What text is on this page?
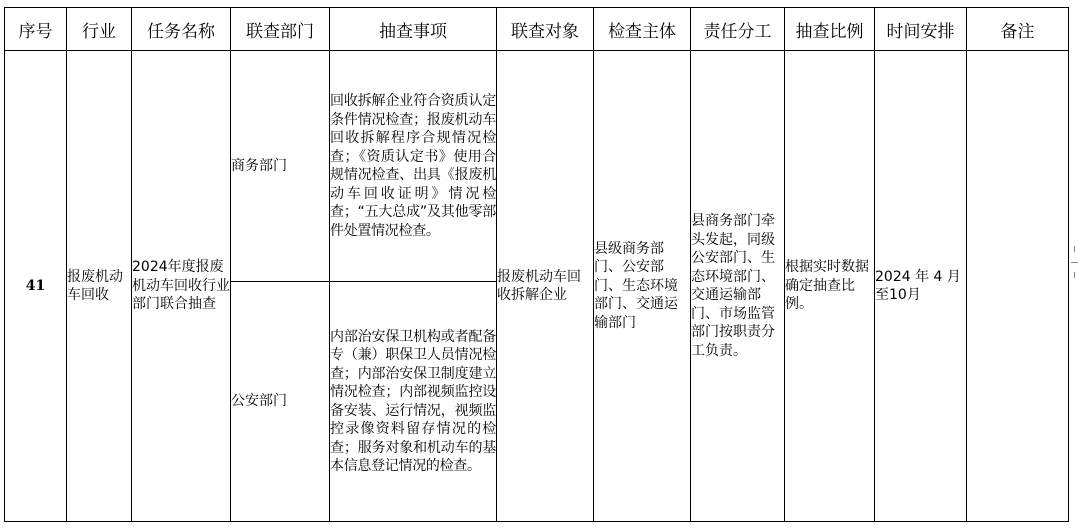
序号	行业	任务名称	联查部门	抽查事项	联查对象	检查主体	责任分工	抽查比例	时间安排	备注
41	报废机动车回收	2024年度报废机动车回收行业部门联合抽查	商务部门	回收拆解企业符合资质认定条件情况检查；报废机动车回收拆解程序合规情况检查；《资质认定书》使用合规情况检查、出具《报废机动车回收证明》情况检查；“五大总成”及其他零部件处置情况检查。	报废机动车回收拆解企业	县级商务部门、公安部门、生态环境部门、交通运输部门	县商务部门牵头发起，同级公安部门、生态环境部门、交通运输部门、市场监管部门按职责分工负责。	根据实时数据确定抽查比例。	2024 年 4 月至10月	
			公安部门	内部治安保卫机构或者配备专（兼）职保卫人员情况检查；内部治安保卫制度建立情况检查；内部视频监控设备安装、运行情况，视频监控录像资料留存情况的检查；服务对象和机动车的基本信息登记情况的检查。						
